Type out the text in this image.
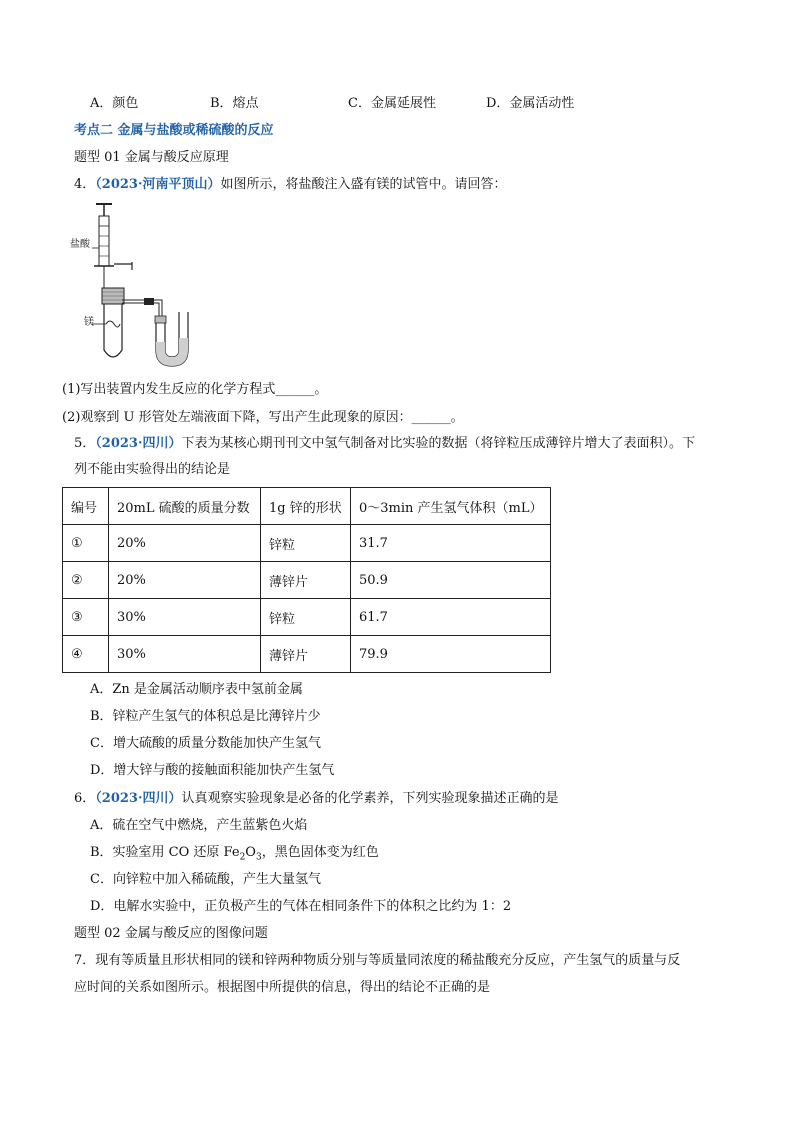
A．颜色	B．熔点	C．金属延展性	D．金属活动性
考点二 金属与盐酸或稀硫酸的反应
题型 01 金属与酸反应原理
4．（2023·河南平顶山）如图所示，将盐酸注入盛有镁的试管中。请回答：
盐酸
镁
(1)写出装置内发生反应的化学方程式______。
(2)观察到 U 形管处左端液面下降，写出产生此现象的原因：______。
5．（2023·四川）下表为某核心期刊刊文中氢气制备对比实验的数据（将锌粒压成薄锌片增大了表面积）。下
列不能由实验得出的结论是
编号	20mL 硫酸的质量分数	1g 锌的形状	0～3min 产生氢气体积（mL）
①	20%	锌粒	31.7
②	20%	薄锌片	50.9
③	30%	锌粒	61.7
④	30%	薄锌片	79.9
A．Zn 是金属活动顺序表中氢前金属
B．锌粒产生氢气的体积总是比薄锌片少
C．增大硫酸的质量分数能加快产生氢气
D．增大锌与酸的接触面积能加快产生氢气
6．（2023·四川）认真观察实验现象是必备的化学素养，下列实验现象描述正确的是
A．硫在空气中燃烧，产生蓝紫色火焰
B．实验室用 CO 还原 $Fe_2O_3$，黑色固体变为红色
C．向锌粒中加入稀硫酸，产生大量氢气
D．电解水实验中，正负极产生的气体在相同条件下的体积之比约为 1：2
题型 02 金属与酸反应的图像问题
7．现有等质量且形状相同的镁和锌两种物质分别与等质量同浓度的稀盐酸充分反应，产生氢气的质量与反
应时间的关系如图所示。根据图中所提供的信息，得出的结论不正确的是
